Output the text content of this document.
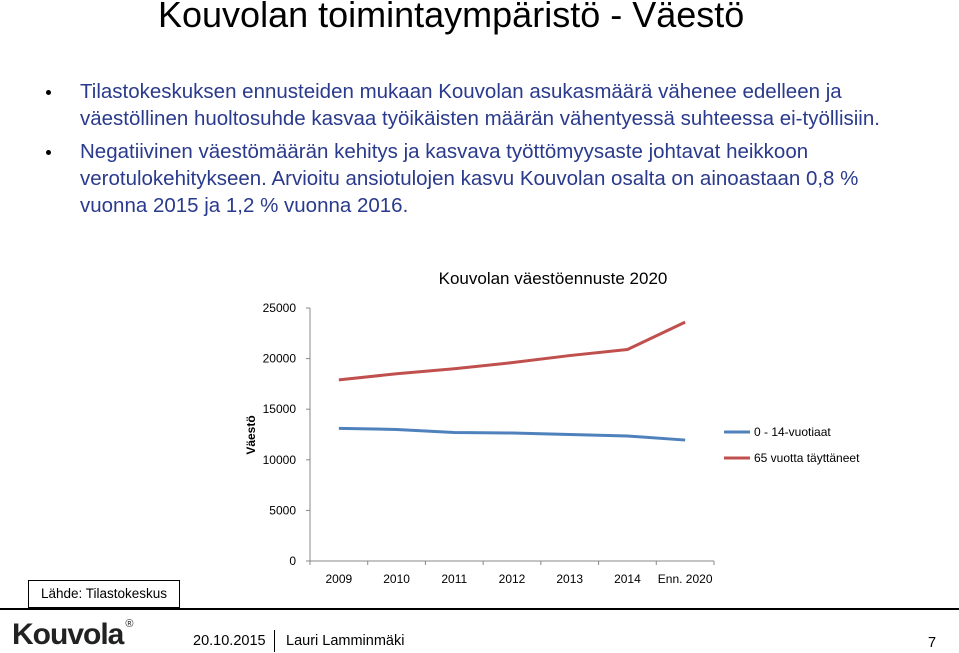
Kouvolan toimintaympäristö - Väestö
Tilastokeskuksen ennusteiden mukaan Kouvolan asukasmäärä vähenee edelleen ja väestöllinen huoltosuhde kasvaa työikäisten määrän vähentyessä suhteessa ei-työllisiin.
Negatiivinen väestömäärän kehitys ja kasvava työttömyysaste johtavat heikkoon verotulokehitykseen. Arvioitu ansiotulojen kasvu Kouvolan osalta on ainoastaan 0,8 % vuonna 2015 ja 1,2 % vuonna 2016.
Kouvolan väestöennuste 2020
25000
20000
15000
10000
5000
0
2009	2010	2011	2012	2013	2014 Enn. 2020
Väestö	0 - 14-vuotiaat
65 vuotta täyttäneet
Lähde: Tilastokeskus
Kouvola ®
20.10.2015 Lauri Lamminmäki	7
